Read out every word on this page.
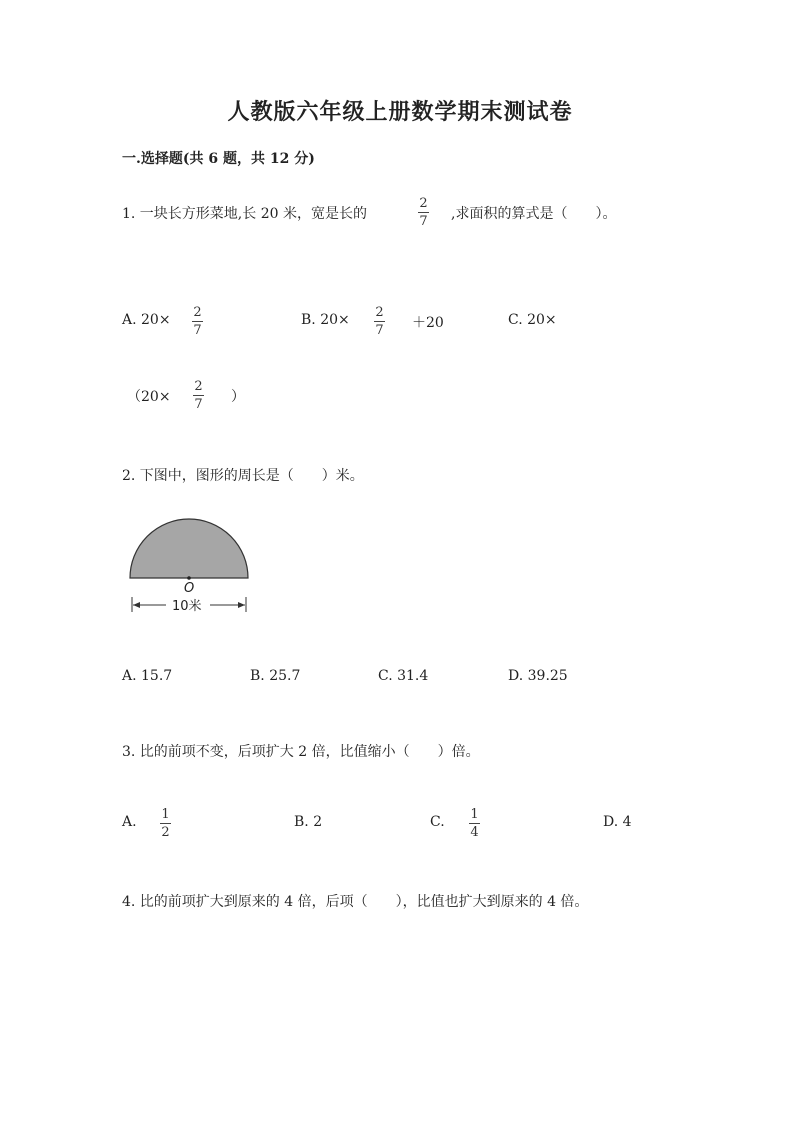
人教版六年级上册数学期末测试卷
一.选择题(共 6 题，共 12 分)
1. 一块长方形菜地,长 20 米，宽是长的
2
7 ,求面积的算式是（　　）。
A. 20× 2
7
B. 20× 2
7 ＋20	C. 20×
（20×
2
7 ）
2. 下图中，图形的周长是（　　）米。
O
10米
A. 15.7	B. 25.7	C. 31.4	D. 39.25
3. 比的前项不变，后项扩大 2 倍，比值缩小（　　）倍。
A. 1
2
B. 2	C. 1
4
D. 4
4. 比的前项扩大到原来的 4 倍，后项（　　），比值也扩大到原来的 4 倍。
